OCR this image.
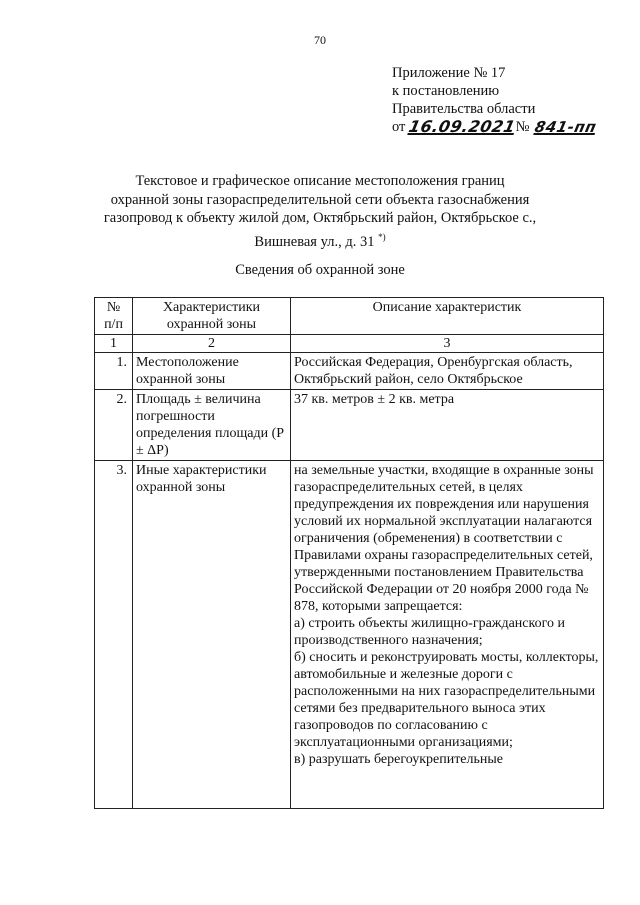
70
Приложение № 17
к постановлению
Правительства области
от 16.09.2021
№ 841-пп
Текстовое и графическое описание местоположения границ
охранной зоны газораспределительной сети объекта газоснабжения
газопровод к объекту жилой дом, Октябрьский район, Октябрьское с.,
Вишневая ул., д. 31 *)
Сведения об охранной зоне
№
п/п	Характеристики охранной зоны	Описание характеристик
1	2	3
1.	Местоположение охранной зоны	Российская Федерация, Оренбургская область, Октябрьский район, село Октябрьское
2.	Площадь ± величина погрешности определения площади (P ± ΔP)	37 кв. метров ± 2 кв. метра
3.	Иные характеристики охранной зоны	на земельные участки, входящие в охранные зоны газораспределительных сетей, в целях предупреждения их повреждения или нарушения условий их нормальной эксплуатации налагаются ограничения (обременения) в соответствии с Правилами охраны газораспределительных сетей, утвержденными постановлением Правительства Российской Федерации от 20 ноября 2000 года № 878, которыми запрещается:
а) строить объекты жилищно-гражданского и производственного назначения;
б) сносить и реконструировать мосты, коллекторы, автомобильные и железные дороги с расположенными на них газораспределительными сетями без предварительного выноса этих газопроводов по согласованию с эксплуатационными организациями;
в) разрушать берегоукрепительные
